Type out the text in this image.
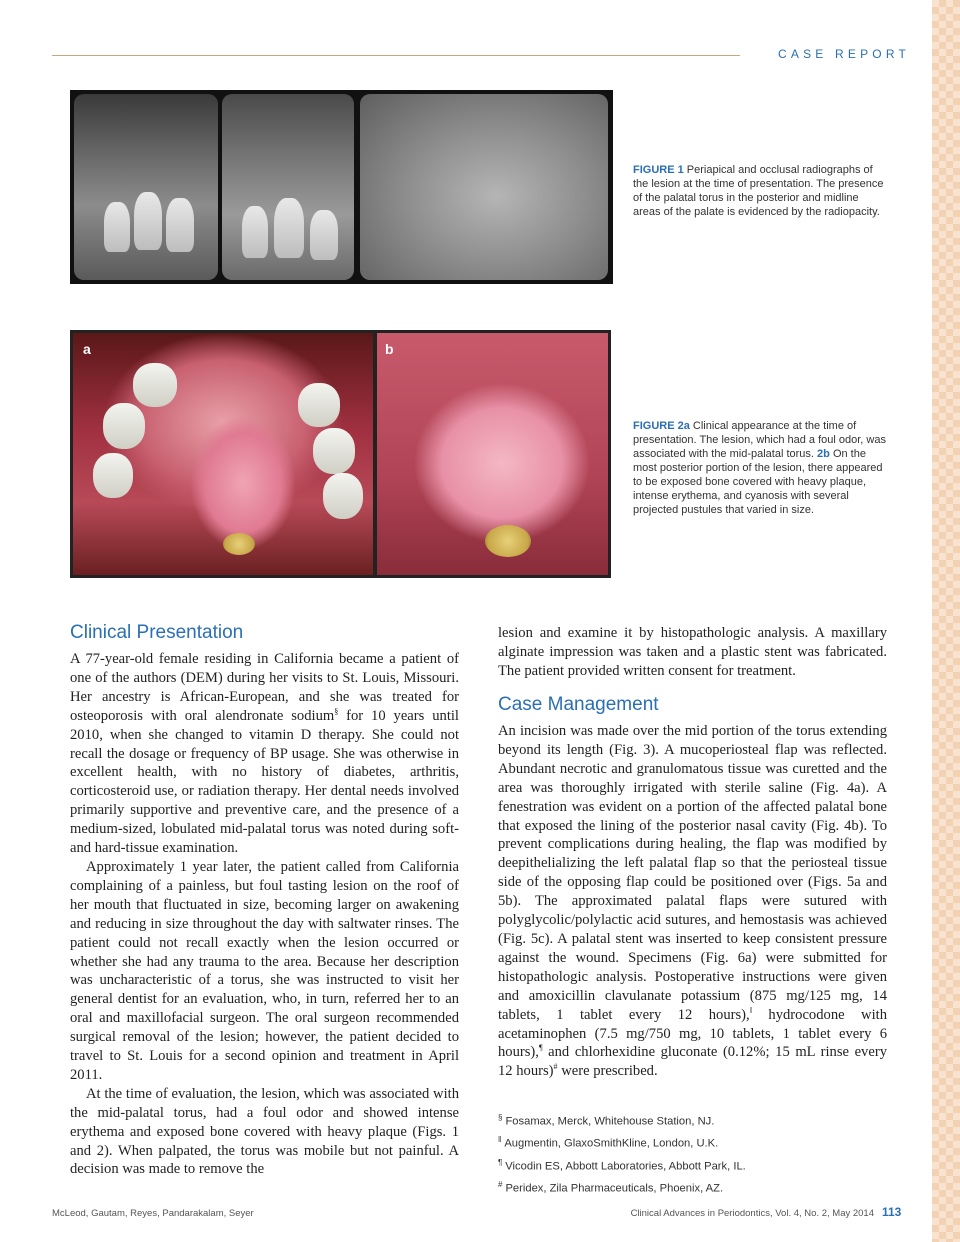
CASE REPORT
FIGURE 1 Periapical and occlusal radiographs of the lesion at the time of presentation. The presence of the palatal torus in the posterior and midline areas of the palate is evidenced by the radiopacity.
a	b
FIGURE 2a Clinical appearance at the time of presentation. The lesion, which had a foul odor, was associated with the mid-palatal torus. 2b On the most posterior portion of the lesion, there appeared to be exposed bone covered with heavy plaque, intense erythema, and cyanosis with several projected pustules that varied in size.
Clinical Presentation

A 77-year-old female residing in California became a patient of one of the authors (DEM) during her visits to St. Louis, Missouri. Her ancestry is African-European, and she was treated for osteoporosis with oral alendronate sodium§ for 10 years until 2010, when she changed to vitamin D therapy. She could not recall the dosage or frequency of BP usage. She was otherwise in excellent health, with no history of diabetes, arthritis, corticosteroid use, or radiation therapy. Her dental needs involved primarily supportive and preventive care, and the presence of a medium-sized, lobulated mid-palatal torus was noted during soft- and hard-tissue examination.

Approximately 1 year later, the patient called from California complaining of a painless, but foul tasting lesion on the roof of her mouth that fluctuated in size, becoming larger on awakening and reducing in size throughout the day with saltwater rinses. The patient could not recall exactly when the lesion occurred or whether she had any trauma to the area. Because her description was uncharacteristic of a torus, she was instructed to visit her general dentist for an evaluation, who, in turn, referred her to an oral and maxillofacial surgeon. The oral surgeon recommended surgical removal of the lesion; however, the patient decided to travel to St. Louis for a second opinion and treatment in April 2011.

At the time of evaluation, the lesion, which was associated with the mid-palatal torus, had a foul odor and showed intense erythema and exposed bone covered with heavy plaque (Figs. 1 and 2). When palpated, the torus was mobile but not painful. A decision was made to remove the

lesion and examine it by histopathologic analysis. A maxillary alginate impression was taken and a plastic stent was fabricated. The patient provided written consent for treatment.

Case Management

An incision was made over the mid portion of the torus extending beyond its length (Fig. 3). A mucoperiosteal flap was reflected. Abundant necrotic and granulomatous tissue was curetted and the area was thoroughly irrigated with sterile saline (Fig. 4a). A fenestration was evident on a portion of the affected palatal bone that exposed the lining of the posterior nasal cavity (Fig. 4b). To prevent complications during healing, the flap was modified by deepithelializing the left palatal flap so that the periosteal tissue side of the opposing flap could be positioned over (Figs. 5a and 5b). The approximated palatal flaps were sutured with polyglycolic/polylactic acid sutures, and hemostasis was achieved (Fig. 5c). A palatal stent was inserted to keep consistent pressure against the wound. Specimens (Fig. 6a) were submitted for histopathologic analysis. Postoperative instructions were given and amoxicillin clavulanate potassium (875 mg/125 mg, 14 tablets, 1 tablet every 12 hours),‖ hydrocodone with acetaminophen (7.5 mg/750 mg, 10 tablets, 1 tablet every 6 hours),¶ and chlorhexidine gluconate (0.12%; 15 mL rinse every 12 hours)# were prescribed.

§ Fosamax, Merck, Whitehouse Station, NJ.
‖ Augmentin, GlaxoSmithKline, London, U.K.
¶ Vicodin ES, Abbott Laboratories, Abbott Park, IL.
# Peridex, Zila Pharmaceuticals, Phoenix, AZ.
McLeod, Gautam, Reyes, Pandarakalam, Seyer	Clinical Advances in Periodontics, Vol. 4, No. 2, May 2014 113
